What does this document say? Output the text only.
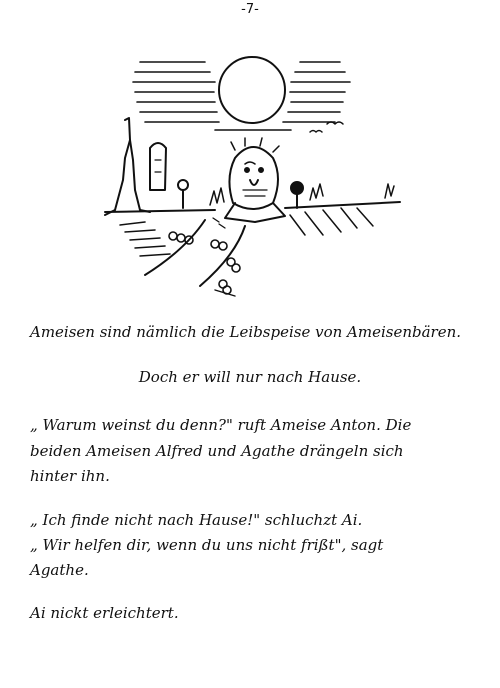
-7-
Ameisen sind nämlich die Leibspeise von Ameisenbären.
Doch er will nur nach Hause.
„ Warum weinst du denn?" ruft Ameise Anton. Die
beiden Ameisen Alfred und Agathe drängeln sich
hinter ihn.
„ Ich finde nicht nach Hause!" schluchzt Ai.
„ Wir helfen dir, wenn du uns nicht frißt", sagt
Agathe.
Ai nickt erleichtert.
